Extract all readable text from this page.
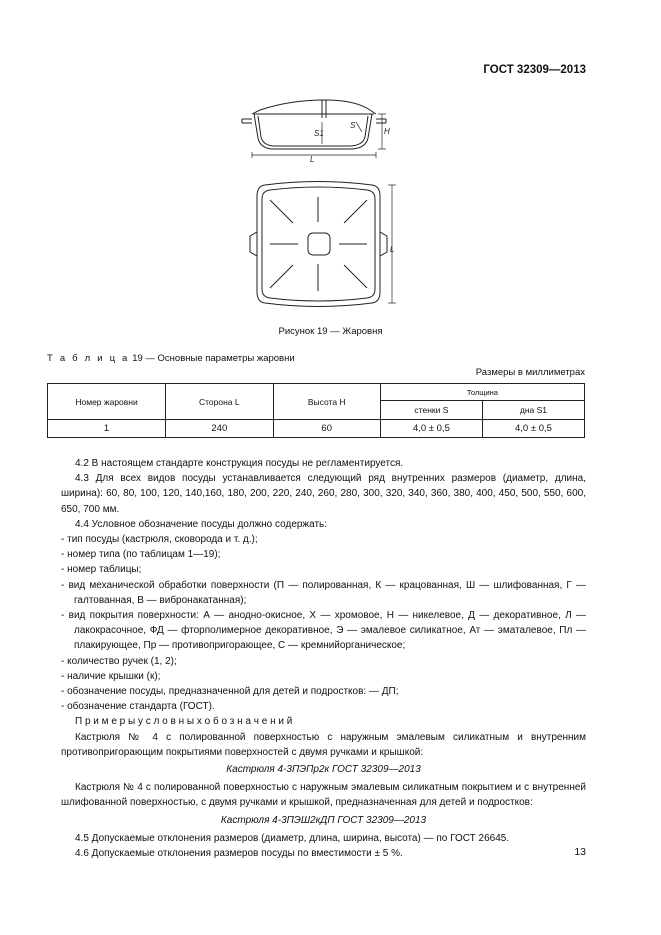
ГОСТ 32309—2013
L
H
S
S1
L
Рисунок 19 — Жаровня
Т а б л и ц а 19 — Основные параметры жаровни
Размеры в миллиметрах
Номер жаровни	Сторона L	Высота H	Толщина	
			стенки S	дна S1
1	240	60	4,0 ± 0,5	4,0 ± 0,5

4.2 В настоящем стандарте конструкция посуды не регламентируется.

4.3 Для всех видов посуды устанавливается следующий ряд внутренних размеров (диаметр, длина, ширина): 60, 80, 100, 120, 140,160, 180, 200, 220, 240, 260, 280, 300, 320, 340, 360, 380, 400, 450, 500, 550, 600, 650, 700 мм.

4.4 Условное обозначение посуды должно содержать:

- тип посуды (кастрюля, сковорода и т. д.);

- номер типа (по таблицам 1—19);

- номер таблицы;

- вид механической обработки поверхности (П — полированная, К — крацованная, Ш — шлифованная, Г — галтованная, В — вибронакатанная);

- вид покрытия поверхности: А — анодно-окисное, Х — хромовое, Н — никелевое, Д — декоративное, Л — лакокрасочное, ФД — фторполимерное декоративное, Э — эмалевое силикатное, Ат — эматалевое, Пл — плакирующее, Пр — противопригорающее, С — кремнийорганическое;

- количество ручек (1, 2);

- наличие крышки (к);

- обозначение посуды, предназначенной для детей и подростков: — ДП;

- обозначение стандарта (ГОСТ).

П р и м е р ы у с л о в н ы х о б о з н а ч е н и й

Кастрюля № 4 с полированной поверхностью с наружным эмалевым силикатным и внутренним противопригорающим покрытиями поверхностей с двумя ручками и крышкой:

Кастрюля 4-3ПЭПр2к ГОСТ 32309—2013

Кастрюля № 4 с полированной поверхностью с наружным эмалевым силикатным покрытием и с внутренней шлифованной поверхностью, с двумя ручками и крышкой, предназначенная для детей и подростков:

Кастрюля 4-3ПЭШ2кДП ГОСТ 32309—2013

4.5 Допускаемые отклонения размеров (диаметр, длина, ширина, высота) — по ГОСТ 26645.

4.6 Допускаемые отклонения размеров посуды по вместимости ± 5 %.	13
